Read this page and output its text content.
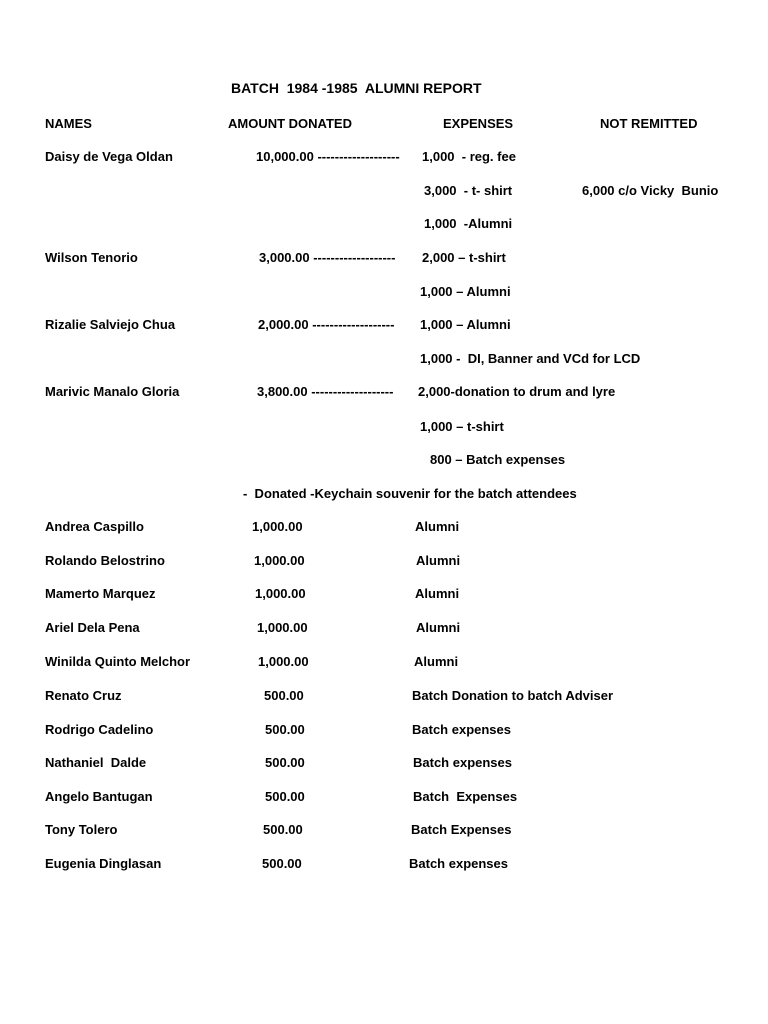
BATCH  1984 -1985  ALUMNI REPORT
NAMES	AMOUNT DONATED	EXPENSES	NOT REMITTED
Daisy de Vega Oldan	10,000.00 ------------------- 1,000  - reg. fee
3,000  - t- shirt	6,000 c/o Vicky  Bunio
1,000  -Alumni
Wilson Tenorio	3,000.00 ------------------- 2,000 – t-shirt
1,000 – Alumni
Rizalie Salviejo Chua	2,000.00 ------------------- 1,000 – Alumni
1,000 -  DI, Banner and VCd for LCD
Marivic Manalo Gloria	3,800.00 ------------------- 2,000-donation to drum and lyre
1,000 – t-shirt
800 – Batch expenses
-  Donated -Keychain souvenir for the batch attendees
Andrea Caspillo	1,000.00	Alumni
Rolando Belostrino	1,000.00	Alumni
Mamerto Marquez	1,000.00	Alumni
Ariel Dela Pena	1,000.00	Alumni
Winilda Quinto Melchor	1,000.00	Alumni
Renato Cruz	500.00	Batch Donation to batch Adviser
Rodrigo Cadelino	500.00	Batch expenses
Nathaniel  Dalde	500.00	Batch expenses
Angelo Bantugan	500.00	Batch  Expenses
Tony Tolero	500.00	Batch Expenses
Eugenia Dinglasan	500.00	Batch expenses
